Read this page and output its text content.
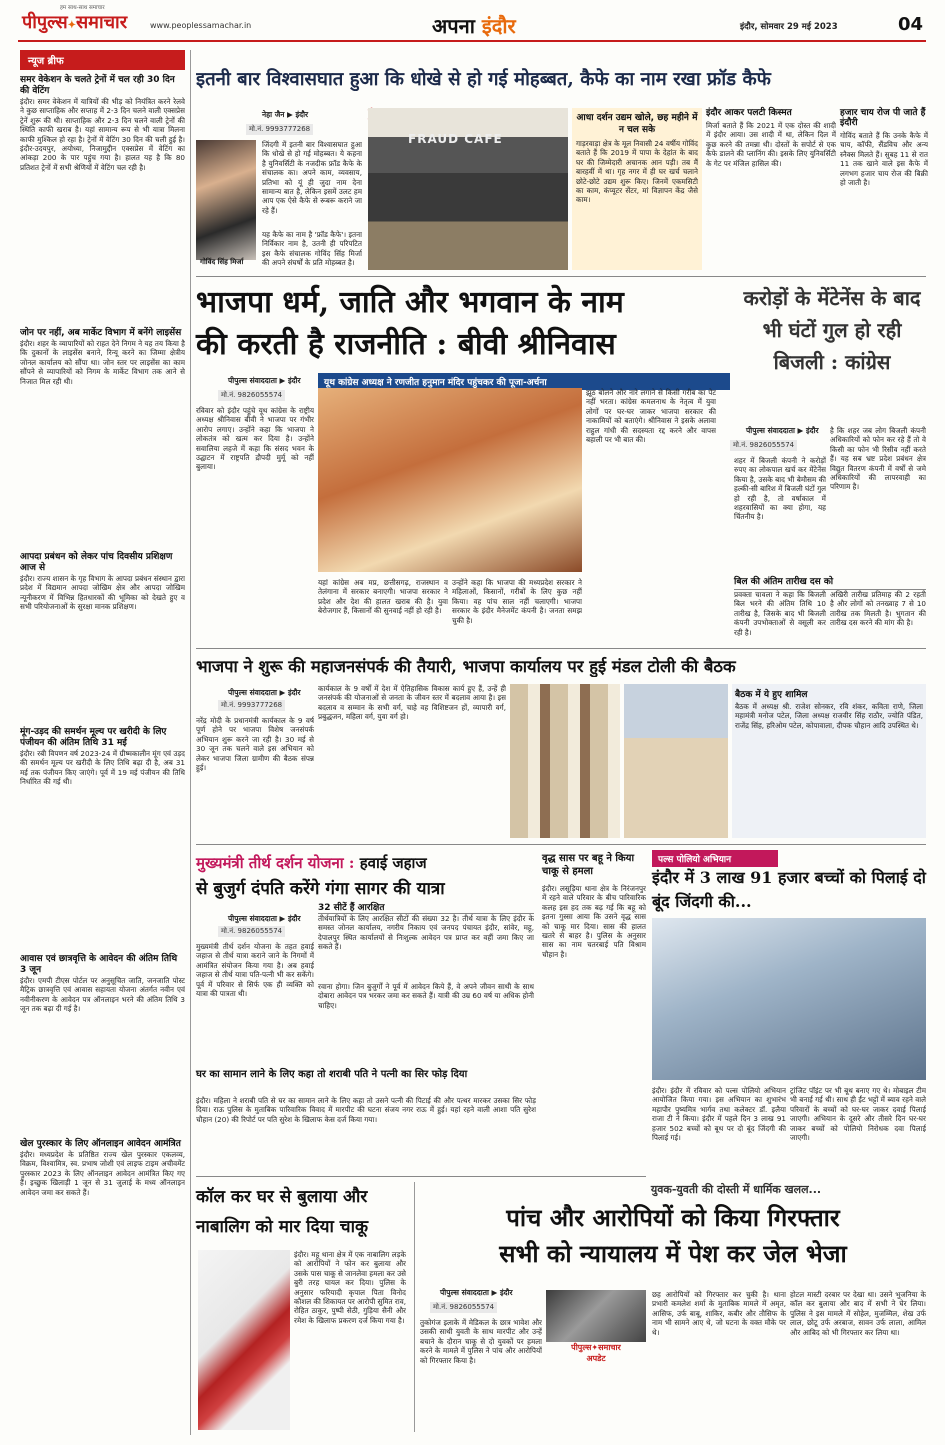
पीपुल्स✦समाचार
हम साथ-साथ समाचार
www.peoplessamachar.in	अपना इंदौर	इंदौर, सोमवार 29 मई 2023	04
न्यूज ब्रीफ
समर वेकेशन के चलते ट्रेनों में चल रही 30 दिन की वेटिंग
इंदौर। समर वेकेशन में यात्रियों की भीड़ को नियंत्रित करने रेलवे ने कुछ साप्ताहिक और सप्ताह में 2-3 दिन चलने वाली एक्सप्रेस ट्रेनें शुरू की थी। साप्ताहिक और 2-3 दिन चलने वाली ट्रेनों की स्थिति काफी खराब है। यहां सामान्य रूप से भी यात्रा मिलना काफी मुश्किल हो रहा है। ट्रेनों में वेटिंग 30 दिन की चली हुई है। इंदौर-उदयपुर, अयोध्या, निजामुद्दीन एक्सप्रेस में वेटिंग का आंकड़ा 200 के पार पहुंच गया है। हालत यह है कि 80 प्रतिशत ट्रेनों में सभी श्रेणियों में वेटिंग चल रही है।
जोन पर नहीं, अब मार्केट विभाग में बनेंगे लाइसेंस
इंदौर। शहर के व्यापारियों को राहत देने निगम ने यह तय किया है कि दुकानों के लाइसेंस बनाने, रिन्यू करने का जिम्मा क्षेत्रीय जोनल कार्यालय को सौंपा था। जोन स्तर पर लाइसेंस का काम सौंपने से व्यापारियों को निगम के मार्केट विभाग तक आने से निजात मिल रही थी।
आपदा प्रबंधन को लेकर पांच दिवसीय प्रशिक्षण आज से
इंदौर। राज्य शासन के गृह विभाग के आपदा प्रबंधन संस्थान द्वारा प्रदेश में विद्यमान आपदा जोखिम क्षेत्र और आपदा जोखिम न्यूनीकरण में विभिन्न हितधारकों की भूमिका को देखते हुए व सभी परियोजनाओं के सुरक्षा मानक प्रशिक्षण।
मूंग-उड़द की समर्थन मूल्य पर खरीदी के लिए पंजीयन की अंतिम तिथि 31 मई
इंदौर। रबी विपणन वर्ष 2023-24 में ग्रीष्मकालीन मूंग एवं उड़द की समर्थन मूल्य पर खरीदी के लिए तिथि बढ़ा दी है, अब 31 मई तक पंजीयन किए जाएंगे। पूर्व में 19 मई पंजीयन की तिथि निर्धारित की गई थी।
आवास एवं छात्रवृत्ति के आवेदन की अंतिम तिथि 3 जून
इंदौर। एमपी टीएस पोर्टल पर अनुसूचित जाति, जनजाति पोस्ट मैट्रिक छात्रवृत्ति एवं आवास सहायता योजना अंतर्गत नवीन एवं नवीनीकरण के आवेदन पत्र ऑनलाइन भरने की अंतिम तिथि 3 जून तक बढ़ा दी गई है।
खेल पुरस्कार के लिए ऑनलाइन आवेदन आमंत्रित
इंदौर। मध्यप्रदेश के प्रतिष्ठित राज्य खेल पुरस्कार एकलव्य, विक्रम, विश्वामित्र, स्व. प्रभाष जोशी एवं लाइफ टाइम अचीवमेंट पुरस्कार 2023 के लिए ऑनलाइन आवेदन आमंत्रित किए गए हैं। इच्छुक खिलाड़ी 1 जून से 31 जुलाई के मध्य ऑनलाइन आवेदन जमा कर सकते हैं।
इतनी बार विश्वासघात हुआ कि धोखे से हो गई मोहब्बत, कैफे का नाम रखा फ्रॉड कैफे
नेहा जैन ▶ इंदौर
मो.नं. 9993777268
गोविंद सिंह मिर्जा
जिंदगी में इतनी बार विश्वासघात हुआ कि धोखे से हो गई मोहब्बत। ये कहना है युनिवर्सिटी के नजदीक फ्रॉड कैफे के संचालक का। अपने काम, व्यवसाय, प्रतिभा को यूं ही जुदा नाम देना सामान्य बात है, लेकिन इसमें उलट हम आप एक ऐसे कैफे से रूबरू कराने जा रहे हैं।
यह कैफे का नाम है 'फ्रॉड कैफे'। इतना निर्विकार नाम है, उतनी ही परिपटित इस कैफे संचालक गोविंद सिंह मिर्जा की अपने संघर्षों के प्रति मोहब्बत है।
FRAUD CAFE
आधा दर्शन उद्यम खोले, छह महीने में न चल सके
गाड़रवाड़ा क्षेत्र के मूल निवासी 24 वर्षीय गोविंद बताते हैं कि 2019 में पापा के देहांत के बाद घर की जिम्मेदारी अचानक आन पड़ी। तब मैं बारहवीं में था। गृह नगर में ही घर खर्च चलाने छोटे-छोटे उद्यम शुरू किए। जिनमें एकमसिटी का काम, कंप्यूटर सेंटर, मां विज्ञापन केंद्र जैसे काम।
इंदौर आकर पलटी किस्मत
मिर्जा बताते हैं कि 2021 में एक दोस्त की शादी में इंदौर आया। उस शादी में था, लेकिन दिल में कुछ करने की तमन्ना थी। दोस्तों के सपोर्ट से एक कैफे डालने की प्लानिंग की। इसके लिए युनिवर्सिटी के गेट पर मंजिल हासिल की।
हजार चाय रोज पी जाते हैं इंदौरी
गोविंद बताते हैं कि उनके कैफे में चाय, कॉफी, सैंडविच और अन्य स्नैक्स मिलते हैं। सुबह 11 से रात 11 तक खाने वाले इस कैफे में लगभग हजार चाय रोज की बिक्री हो जाती है।
भाजपा धर्म, जाति और भगवान के नाम
की करती है राजनीति : बीवी श्रीनिवास
यूथ कांग्रेस अध्यक्ष ने रणजीत हनुमान मंदिर पहुंचकर की पूजा-अर्चना
पीपुल्स संवाददाता ▶ इंदौर
मो.नं. 9826055574
रविवार को इंदौर पहुंचे यूथ कांग्रेस के राष्ट्रीय अध्यक्ष श्रीनिवास बीवी ने भाजपा पर गंभीर आरोप लगाए। उन्होंने कहा कि भाजपा ने लोकतंत्र को खत्म कर दिया है। उन्होंने सवालिया लहजे में कहा कि संसद भवन के उद्घाटन में राष्ट्रपति द्रौपदी मुर्मू को नहीं बुलाया।
यहां कांग्रेस अब मप्र, छत्तीसगढ़, राजस्थान व तेलंगाना में सरकार बनाएगी। भाजपा सरकार ने प्रदेश और देश की हालत खराब की है। युवा बेरोजगार हैं, किसानों की सुनवाई नहीं हो रही है।
उन्होंने कहा कि भाजपा की मध्यप्रदेश सरकार ने महिलाओं, किसानों, गरीबों के लिए कुछ नहीं किया। वह पांच साल नहीं चलाएगी। भाजपा सरकार के इंदौर मैनेजमेंट कंपनी है। जनता समझ चुकी है।
झूठ बोलने और नारे लगाने से किसी गरीब का पेट नहीं भरता। कांग्रेस कमलनाथ के नेतृत्व में युवा लोगों पर घर-घर जाकर भाजपा सरकार की नाकामियों को बताएंगे। श्रीनिवास ने इसके अलावा राहुल गांधी की सदस्यता रद्द करने और वापस बहाली पर भी बात की।
करोड़ों के मेंटेनेंस के बाद भी घंटों गुल हो रही बिजली : कांग्रेस
पीपुल्स संवाददाता ▶ इंदौर
मो.नं. 9826055574
शहर में बिजली कंपनी ने करोड़ों रुपए का लोकपाल खर्च कर मेंटेनेंस किया है, उसके बाद भी बेमौसम की हल्की-सी बारिश में बिजली घंटों गुल हो रही है, तो वर्षाकाल में शहरवासियों का क्या होगा, यह चिंतनीय है।
है कि शहर जब लोग बिजली कंपनी अधिकारियों को फोन कर रहे हैं तो वे किसी का फोन भी रिसीव नहीं करते हैं। यह सब भ्रष्ट प्रदेश प्रबंधन क्षेत्र विद्युत वितरण कंपनी में वर्षों से जमे अधिकारियों की लापरवाही का परिणाम है।
बिल की अंतिम तारीख दस को
प्रवक्ता चावला ने कहा कि बिजली बिल भरने की अंतिम तिथि 10 तारीख है, जिसके बाद भी बिजली कंपनी उपभोक्ताओं से वसूली कर रही है।
अखिरी तारीख प्रतिमाह की 2 रहती है और लोगों को तनख्वाह 7 से 10 तारीख तक मिलती है। भुगतान की तारीख दस करने की मांग की है।
भाजपा ने शुरू की महाजनसंपर्क की तैयारी, भाजपा कार्यालय पर हुई मंडल टोली की बैठक
पीपुल्स संवाददाता ▶ इंदौर
मो.नं. 9993777268
नरेंद्र मोदी के प्रधानमंत्री कार्यकाल के 9 वर्ष पूर्ण होने पर भाजपा विशेष जनसंपर्क अभियान शुरू करने जा रही है। 30 मई से 30 जून तक चलने वाले इस अभियान को लेकर भाजपा जिला ग्रामीण की बैठक संपन्न हुई।
कार्यकाल के 9 वर्षों में देश में ऐतिहासिक विकास कार्य हुए हैं, उन्हें ही जनसंपर्क की योजनाओं से जनता के जीवन स्तर में बदलाव आया है। इस बदलाव व सम्मान के सभी वर्ग, चाहे वह विशिष्टजन हों, व्यापारी वर्ग, प्रबुद्धजन, महिला वर्ग, युवा वर्ग हो।
बैठक में ये हुए शामिल
बैठक में अध्यक्ष श्री. राजेश सोनकर, रवि शंकर, कविता राणे, जिला महामंत्री मनोज पटेल, जिला अध्यक्ष राजवीर सिंह राठौर, ज्योति पंडित, राजेंद्र सिंह, हरिओम पटेल, कोपावाला, दीपक चौहान आदि उपस्थित थे।
मुख्यमंत्री तीर्थ दर्शन योजना : हवाई जहाज
से बुजुर्ग दंपति करेंगे गंगा सागर की यात्रा
पीपुल्स संवाददाता ▶ इंदौर
मो.नं. 9826055574
मुख्यमंत्री तीर्थ दर्शन योजना के तहत हवाई जहाज से तीर्थ यात्रा कराने जाने के निगमों में आमंत्रित संयोजन किया गया है। अब हवाई जहाज से तीर्थ यात्रा पति-पत्नी भी कर सकेंगे। पूर्व में परिवार से सिर्फ एक ही व्यक्ति को यात्रा की पात्रता थी।
32 सीटें हैं आरक्षित
तीर्थयात्रियों के लिए आरक्षित सीटों की संख्या 32 है। तीर्थ यात्रा के लिए इंदौर के समस्त जोनल कार्यालय, नगरीय निकाय एवं जनपद पंचायत इंदौर, सांवेर, महू, देपालपुर स्थित कार्यालयों से निःशुल्क आवेदन पत्र प्राप्त कर वहीं जमा किए जा सकते हैं।
रवाना होगा। जिन बुजुर्गों ने पूर्व में आवेदन किये हैं, वे अपने जीवन साथी के साथ दोबारा आवेदन पत्र भरकर जमा कर सकते हैं। यात्री की उम्र 60 वर्ष या अधिक होनी चाहिए।
वृद्ध सास पर बहू ने किया चाकू से हमला
इंदौर। लसूड़िया थाना क्षेत्र के निरंजनपुर में रहने वाले परिवार के बीच पारिवारिक कलह इस हद तक बढ़ गई कि बहू को इतना गुस्सा आया कि उसने वृद्ध सास को चाकू मार दिया। सास की हालत खतरे से बाहर है। पुलिस के अनुसार सास का नाम चतरबाई पति विश्राम चौहान है।
पल्स पोलियो अभियान
इंदौर में 3 लाख 91 हजार बच्चों को पिलाई दो बूंद जिंदगी की...
इंदौर। इंदौर में रविवार को पल्स पोलियो अभियान आयोजित किया गया। इस अभियान का शुभारंभ महापौर पुष्यमित्र भार्गव तथा कलेक्टर डॉ. इलैया राजा टी ने किया। इंदौर में पहले दिन 3 लाख 91 हजार 502 बच्चों को बूथ पर दो बूंद जिंदगी की पिलाई गई।
ट्रांजिट पॉइंट पर भी बूथ बनाए गए थे। मोबाइल टीम भी बनाई गई थी। साथ ही ईंट भट्टों में ब्याव रहने वाले परिवारों के बच्चों को घर-घर जाकर दवाई पिलाई जाएगी। अभियान के दूसरे और तीसरे दिन घर-घर जाकर बच्चों को पोलियो निरोधक दवा पिलाई जाएगी।
घर का सामान लाने के लिए कहा तो शराबी पति ने पत्नी का सिर फोड़ दिया
इंदौर। महिला ने शराबी पति से घर का सामान लाने के लिए कहा तो उसने पत्नी की पिटाई की और पत्थर मारकर उसका सिर फोड़ दिया। राऊ पुलिस के मुताबिक पारिवारिक विवाद में मारपीट की घटना संजय नगर राऊ में हुई। यहां रहने वाली आशा पति सुरेश चौहान (20) की रिपोर्ट पर पति सुरेश के खिलाफ केस दर्ज किया गया।
कॉल कर घर से बुलाया और
नाबालिग को मार दिया चाकू
इंदौर। महू थाना क्षेत्र में एक नाबालिग लड़के को आरोपियों ने फोन कर बुलाया और उसके पास चाकू से जानलेवा हमला कर उसे बुरी तरह घायल कर दिया। पुलिस के अनुसार फरियादी कृपाल पिता विनोद कौशल की शिकायत पर आरोपी सुमित राव, रोहित ठाकुर, पुष्पी सेठी, गुड़िया सैनी और रमेश के खिलाफ प्रकरण दर्ज किया गया है।
युवक-युवती की दोस्ती में धार्मिक खलल...
पांच और आरोपियों को किया गिरफ्तार
सभी को न्यायालय में पेश कर जेल भेजा
पीपुल्स संवाददाता ▶ इंदौर
मो.नं. 9826055574
पीपुल्स✦समाचार
अपडेट
तुकोगंज इलाके में मेडिकल के छात्र भावेश और उसकी साथी युवती के साथ मारपीट और उन्हें बचाने के दौरान चाकू से दो युवकों पर हमला करने के मामले में पुलिस ने पांच और आरोपियों को गिरफ्तार किया है।
छह आरोपियों को गिरफ्तार कर चुकी है। थाना प्रभारी कमलेश शर्मा के मुताबिक मामले में अमृत, आसिफ, उर्फ बाबू, शाकिर, कबीर और तौसिफ के नाम भी सामने आए थे, जो घटना के वक्त मौके पर थे।
होटल मास्टी दरबार पर देखा था। उसने भुजनिया के कॉल कर बुलाया और बाद में सभी ने घेर लिया। पुलिस ने इस मामले में सोहेल, मुजम्मिल, शेख उर्फ लाल, छोटू उर्फ अरबाज, सावन उर्फ लाला, आमिल और आबिद को भी गिरफ्तार कर लिया था।
